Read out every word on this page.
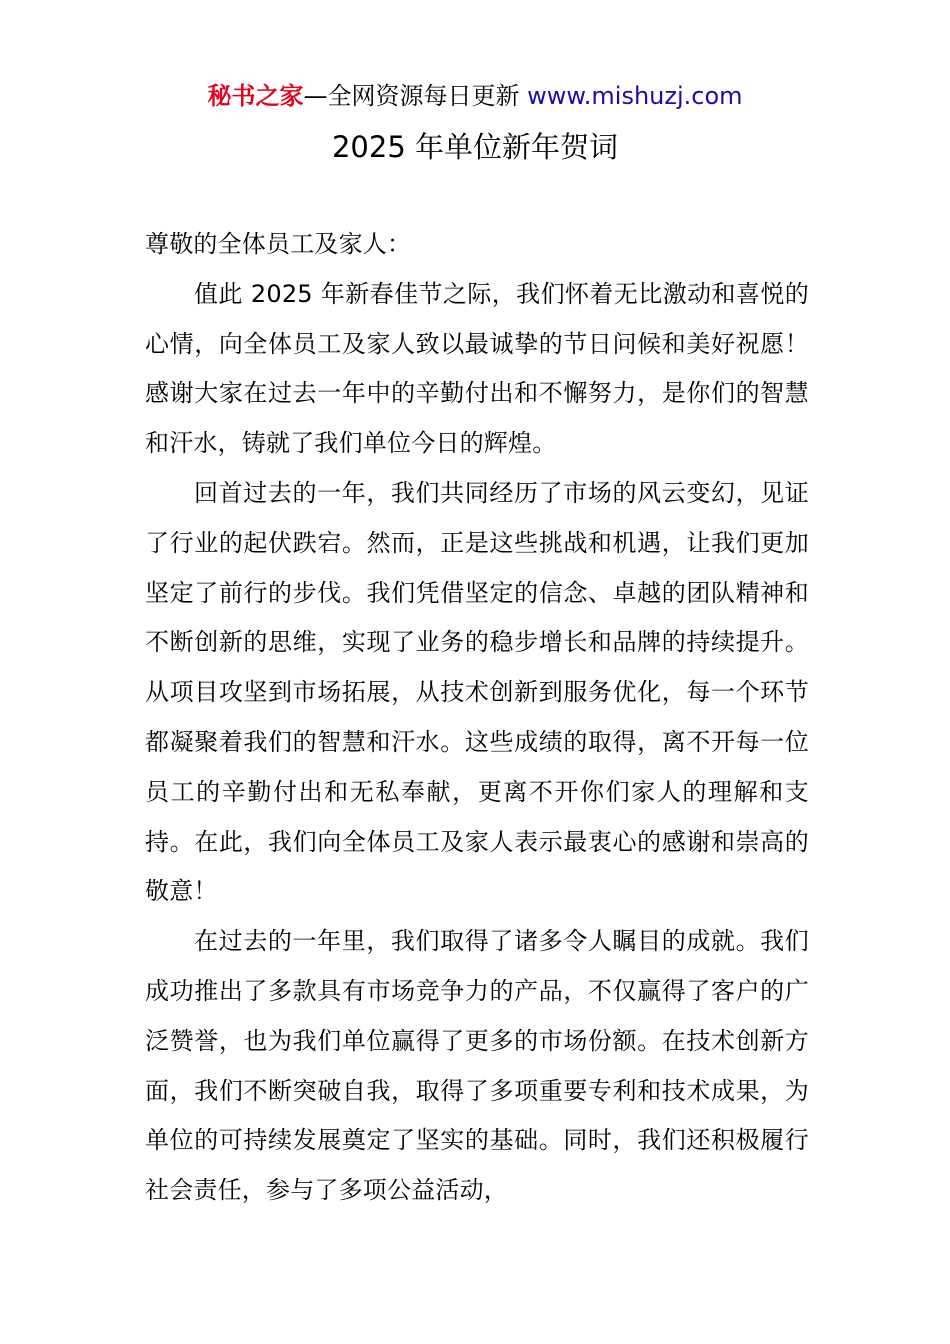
秘书之家—全网资源每日更新 www.mishuzj.com
2025 年单位新年贺词

尊敬的全体员工及家人：

值此 2025 年新春佳节之际，我们怀着无比激动和喜悦的心情，向全体员工及家人致以最诚挚的节日问候和美好祝愿！感谢大家在过去一年中的辛勤付出和不懈努力，是你们的智慧和汗水，铸就了我们单位今日的辉煌。

回首过去的一年，我们共同经历了市场的风云变幻，见证了行业的起伏跌宕。然而，正是这些挑战和机遇，让我们更加坚定了前行的步伐。我们凭借坚定的信念、卓越的团队精神和不断创新的思维，实现了业务的稳步增长和品牌的持续提升。从项目攻坚到市场拓展，从技术创新到服务优化，每一个环节都凝聚着我们的智慧和汗水。这些成绩的取得，离不开每一位员工的辛勤付出和无私奉献，更离不开你们家人的理解和支持。在此，我们向全体员工及家人表示最衷心的感谢和崇高的敬意！

在过去的一年里，我们取得了诸多令人瞩目的成就。我们成功推出了多款具有市场竞争力的产品，不仅赢得了客户的广泛赞誉，也为我们单位赢得了更多的市场份额。在技术创新方面，我们不断突破自我，取得了多项重要专利和技术成果，为单位的可持续发展奠定了坚实的基础。同时，我们还积极履行社会责任，参与了多项公益活动，
